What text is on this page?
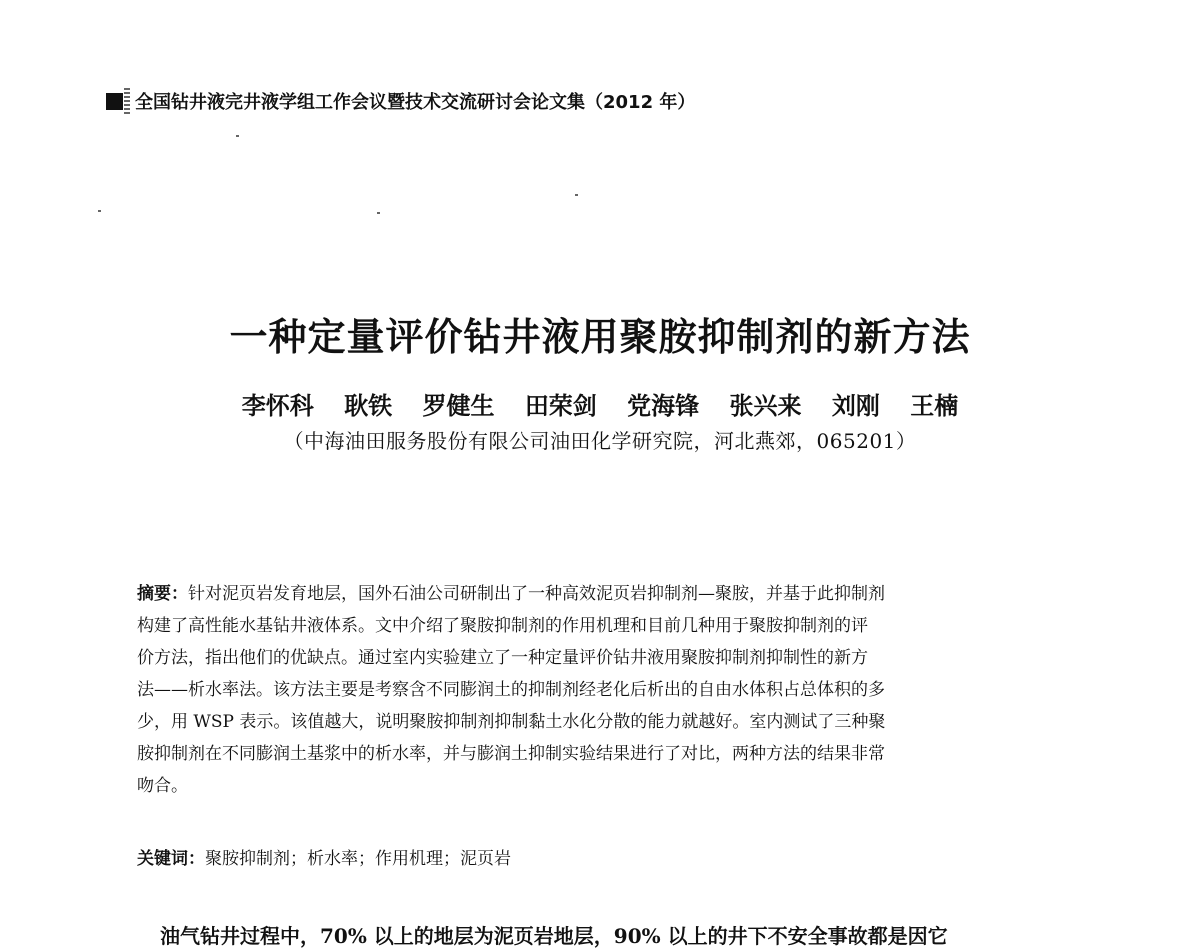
全国钻井液完井液学组工作会议暨技术交流研讨会论文集（2012 年）
一种定量评价钻井液用聚胺抑制剂的新方法
李怀科 耿铁 罗健生 田荣剑 党海锋 张兴来 刘刚 王楠
（中海油田服务股份有限公司油田化学研究院，河北燕郊，065201）
摘要：针对泥页岩发育地层，国外石油公司研制出了一种高效泥页岩抑制剂—聚胺，并基于此抑制剂
构建了高性能水基钻井液体系。文中介绍了聚胺抑制剂的作用机理和目前几种用于聚胺抑制剂的评
价方法，指出他们的优缺点。通过室内实验建立了一种定量评价钻井液用聚胺抑制剂抑制性的新方
法——析水率法。该方法主要是考察含不同膨润土的抑制剂经老化后析出的自由水体积占总体积的多
少，用 WSP 表示。该值越大，说明聚胺抑制剂抑制黏土水化分散的能力就越好。室内测试了三种聚
胺抑制剂在不同膨润土基浆中的析水率，并与膨润土抑制实验结果进行了对比，两种方法的结果非常
吻合。
关键词：聚胺抑制剂；析水率；作用机理；泥页岩
油气钻井过程中，70% 以上的地层为泥页岩地层，90% 以上的井下不安全事故都是因它
